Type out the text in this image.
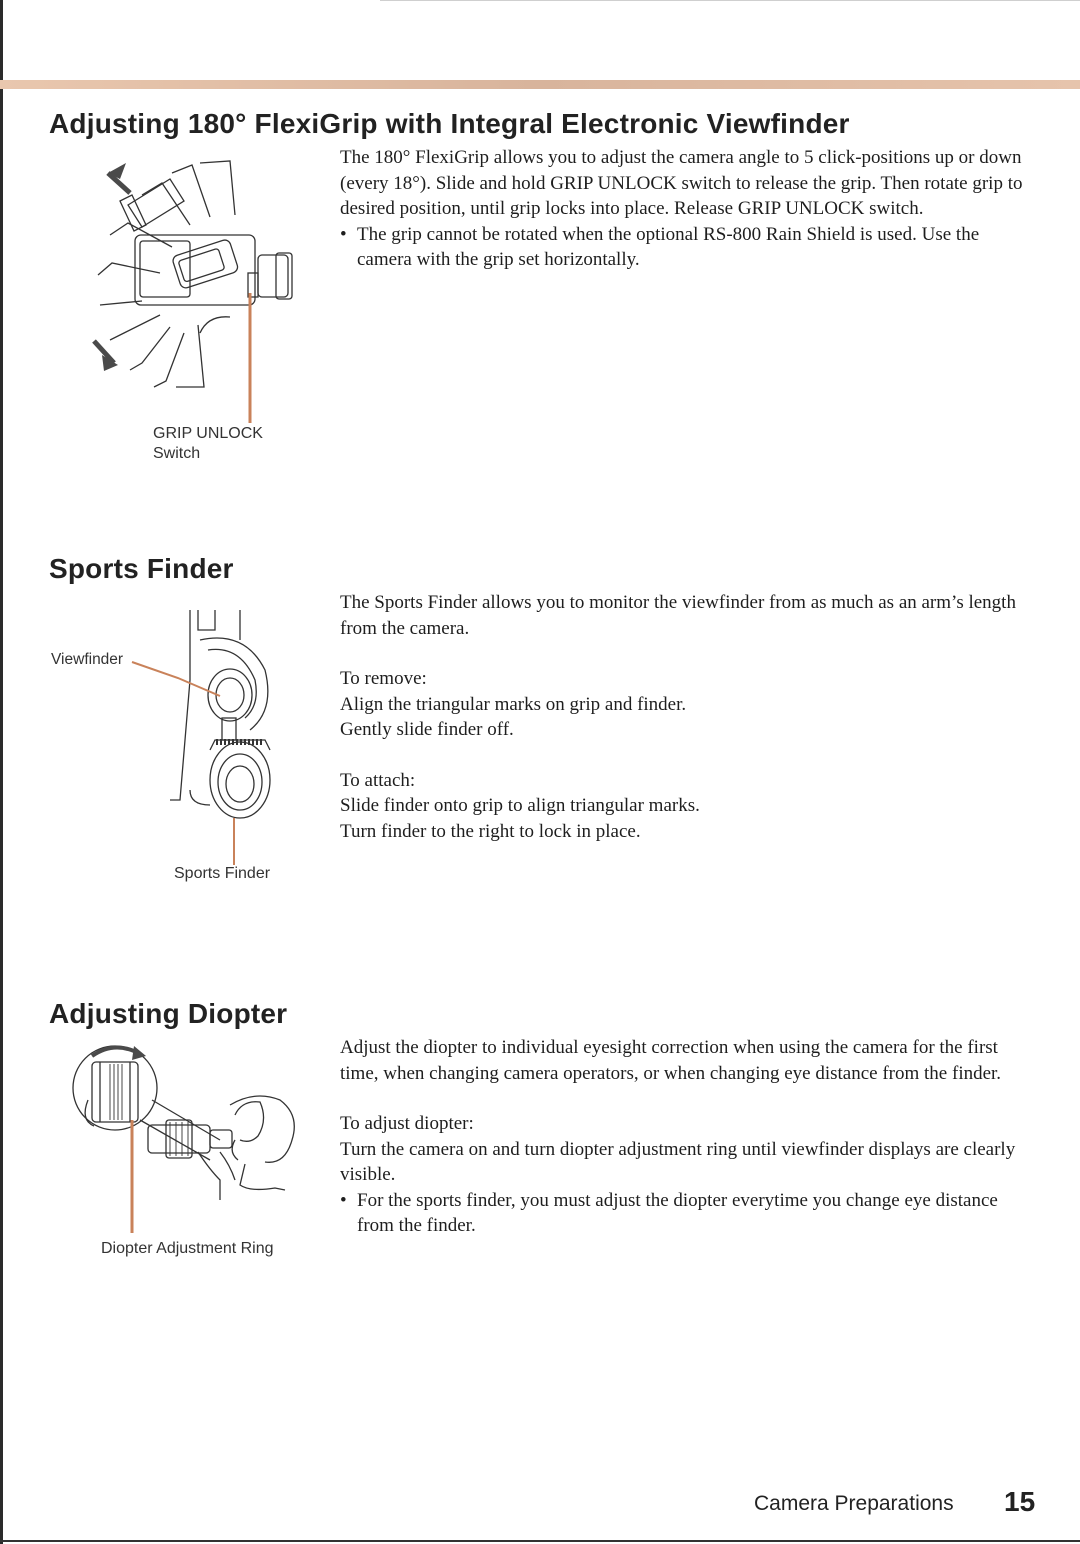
Adjusting 180° FlexiGrip with Integral Electronic Viewfinder
GRIP UNLOCK
Switch

The 180° FlexiGrip allows you to adjust the camera angle to 5 click-positions up or down (every 18°). Slide and hold GRIP UNLOCK switch to release the grip. Then rotate grip to desired position, until grip locks into place. Release GRIP UNLOCK switch.

• The grip cannot be rotated when the optional RS-800 Rain Shield is used. Use the camera with the grip set horizontally.

Sports Finder
Viewfinder
Sports Finder

The Sports Finder allows you to monitor the viewfinder from as much as an arm’s length from the camera.

To remove:

Align the triangular marks on grip and finder.

Gently slide finder off.

To attach:

Slide finder onto grip to align triangular marks.

Turn finder to the right to lock in place.

Adjusting Diopter
Diopter Adjustment Ring

Adjust the diopter to individual eyesight correction when using the camera for the first time, when changing camera operators, or when changing eye distance from the finder.

To adjust diopter:

Turn the camera on and turn diopter adjustment ring until viewfinder displays are clearly visible.

• For the sports finder, you must adjust the diopter everytime you change eye distance from the finder.

Camera Preparations 15
